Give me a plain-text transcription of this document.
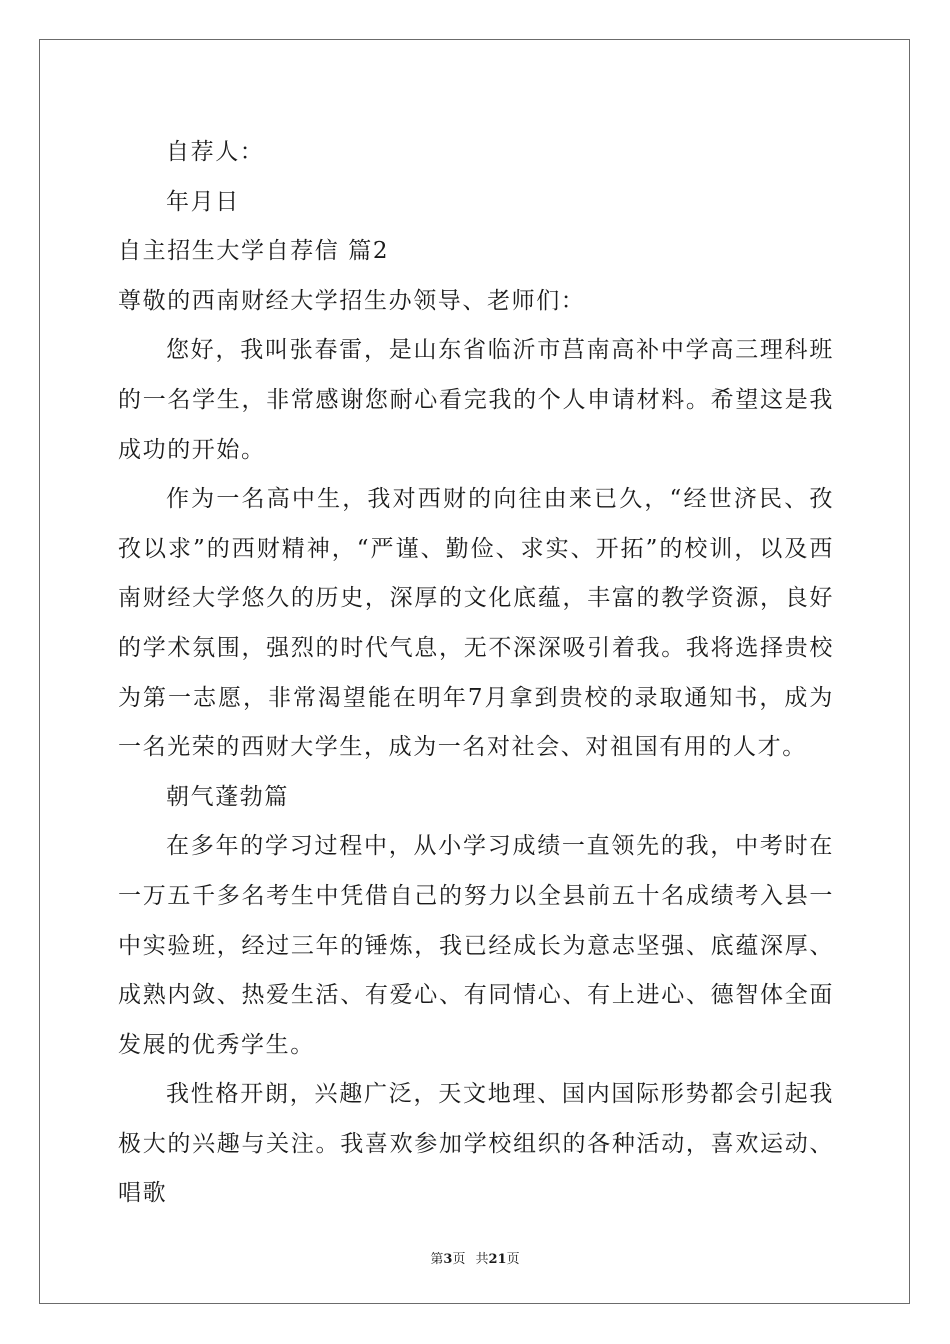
自荐人：

年月日

自主招生大学自荐信 篇2

尊敬的西南财经大学招生办领导、老师们：

您好，我叫张春雷，是山东省临沂市莒南高补中学高三理科班的一名学生，非常感谢您耐心看完我的个人申请材料。希望这是我成功的开始。

作为一名高中生，我对西财的向往由来已久，“经世济民、孜孜以求”的西财精神，“严谨、勤俭、求实、开拓”的校训，以及西南财经大学悠久的历史，深厚的文化底蕴，丰富的教学资源，良好的学术氛围，强烈的时代气息，无不深深吸引着我。我将选择贵校为第一志愿，非常渴望能在明年7月拿到贵校的录取通知书，成为一名光荣的西财大学生，成为一名对社会、对祖国有用的人才。

朝气蓬勃篇

在多年的学习过程中，从小学习成绩一直领先的我，中考时在一万五千多名考生中凭借自己的努力以全县前五十名成绩考入县一中实验班，经过三年的锤炼，我已经成长为意志坚强、底蕴深厚、成熟内敛、热爱生活、有爱心、有同情心、有上进心、德智体全面发展的优秀学生。

我性格开朗，兴趣广泛，天文地理、国内国际形势都会引起我极大的兴趣与关注。我喜欢参加学校组织的各种活动，喜欢运动、唱歌

第3页 共21页
